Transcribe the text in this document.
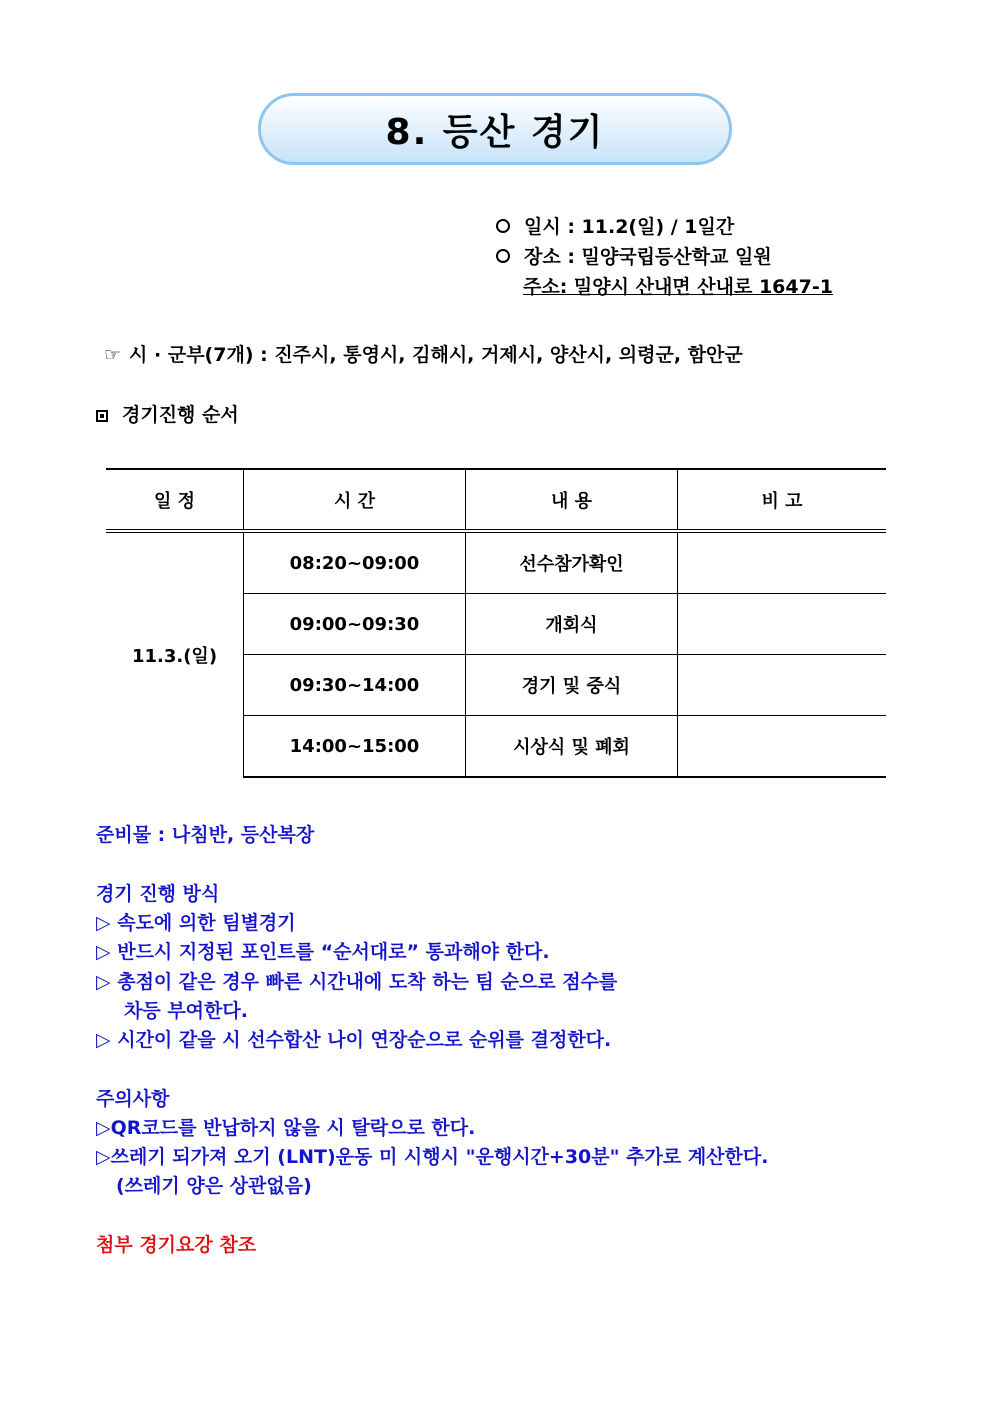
8. 등산 경기
일시 : 11.2(일) / 1일간
장소 : 밀양국립등산학교 일원
주소: 밀양시 산내면 산내로 1647-1
☞ 시 · 군부(7개) : 진주시, 통영시, 김해시, 거제시, 양산시, 의령군, 함안군
경기진행 순서
일 정	시 간	내 용	비 고
11.3.(일)	08:20~09:00	선수참가확인	
	09:00~09:30	개회식	
	09:30~14:00	경기 및 중식	
	14:00~15:00	시상식 및 폐회	
준비물 : 나침반, 등산복장
경기 진행 방식
▷ 속도에 의한 팀별경기
▷ 반드시 지정된 포인트를 “순서대로” 통과해야 한다.
▷ 총점이 같은 경우 빠른 시간내에 도착 하는 팀 순으로 점수를
차등 부여한다.
▷ 시간이 같을 시 선수합산 나이 연장순으로 순위를 결정한다.
주의사항
▷QR코드를 반납하지 않을 시 탈락으로 한다.
▷쓰레기 되가져 오기 (LNT)운동 미 시행시 "운행시간+30분" 추가로 계산한다.
(쓰레기 양은 상관없음)
첨부 경기요강 참조
